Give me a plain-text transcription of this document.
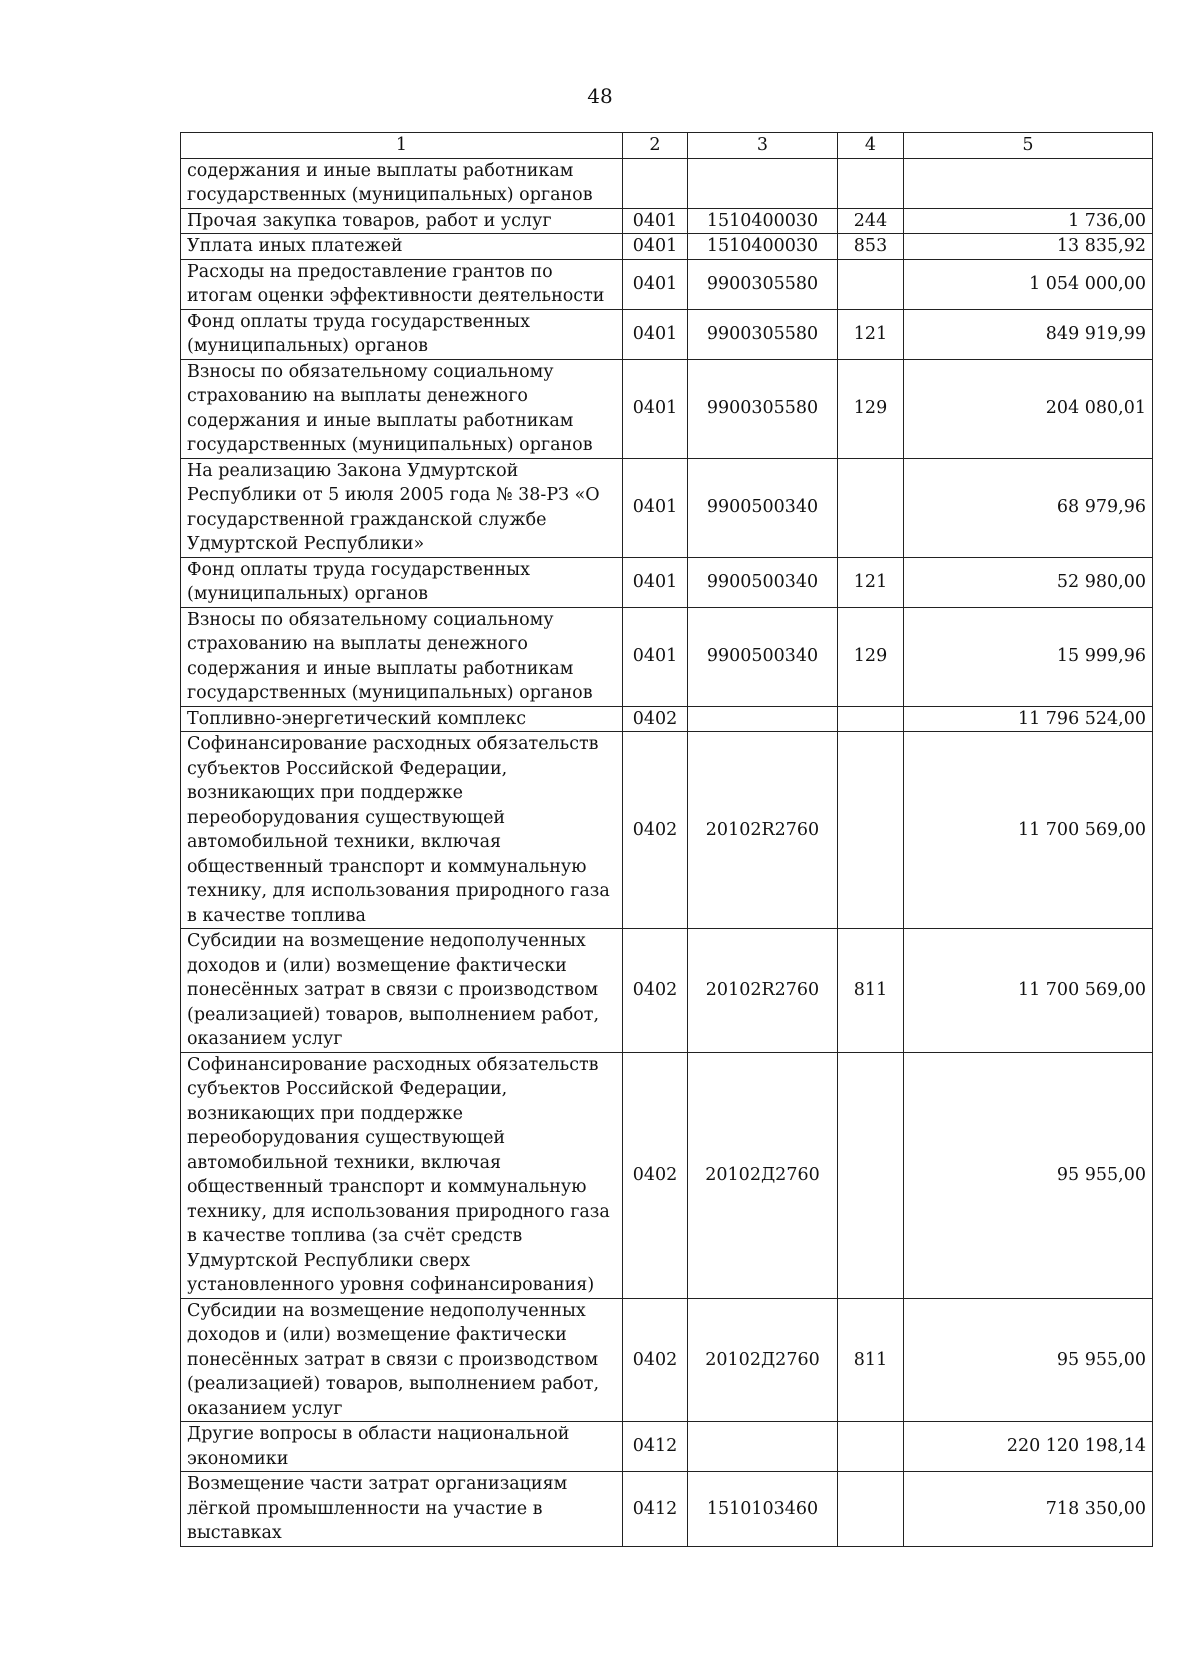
48
1	2	3	4	5
содержания и иные выплаты работникам государственных (муниципальных) органов				
Прочая закупка товаров, работ и услуг	0401	1510400030	244	1 736,00
Уплата иных платежей	0401	1510400030	853	13 835,92
Расходы на предоставление грантов по итогам оценки эффективности деятельности	0401	9900305580		1 054 000,00
Фонд оплаты труда государственных (муниципальных) органов	0401	9900305580	121	849 919,99
Взносы по обязательному социальному страхованию на выплаты денежного содержания и иные выплаты работникам государственных (муниципальных) органов	0401	9900305580	129	204 080,01
На реализацию Закона Удмуртской Республики от 5 июля 2005 года № 38-РЗ «О государственной гражданской службе Удмуртской Республики»	0401	9900500340		68 979,96
Фонд оплаты труда государственных (муниципальных) органов	0401	9900500340	121	52 980,00
Взносы по обязательному социальному страхованию на выплаты денежного содержания и иные выплаты работникам государственных (муниципальных) органов	0401	9900500340	129	15 999,96
Топливно-энергетический комплекс	0402			11 796 524,00
Софинансирование расходных обязательств субъектов Российской Федерации, возникающих при поддержке переоборудования существующей автомобильной техники, включая общественный транспорт и коммунальную технику, для использования природного газа в качестве топлива	0402	20102R2760		11 700 569,00
Субсидии на возмещение недополученных доходов и (или) возмещение фактически понесённых затрат в связи с производством (реализацией) товаров, выполнением работ, оказанием услуг	0402	20102R2760	811	11 700 569,00
Софинансирование расходных обязательств субъектов Российской Федерации, возникающих при поддержке переоборудования существующей автомобильной техники, включая общественный транспорт и коммунальную технику, для использования природного газа в качестве топлива (за счёт средств Удмуртской Республики сверх установленного уровня софинансирования)	0402	20102Д2760		95 955,00
Субсидии на возмещение недополученных доходов и (или) возмещение фактически понесённых затрат в связи с производством (реализацией) товаров, выполнением работ, оказанием услуг	0402	20102Д2760	811	95 955,00
Другие вопросы в области национальной экономики	0412			220 120 198,14
Возмещение части затрат организациям лёгкой промышленности на участие в выставках	0412	1510103460		718 350,00
